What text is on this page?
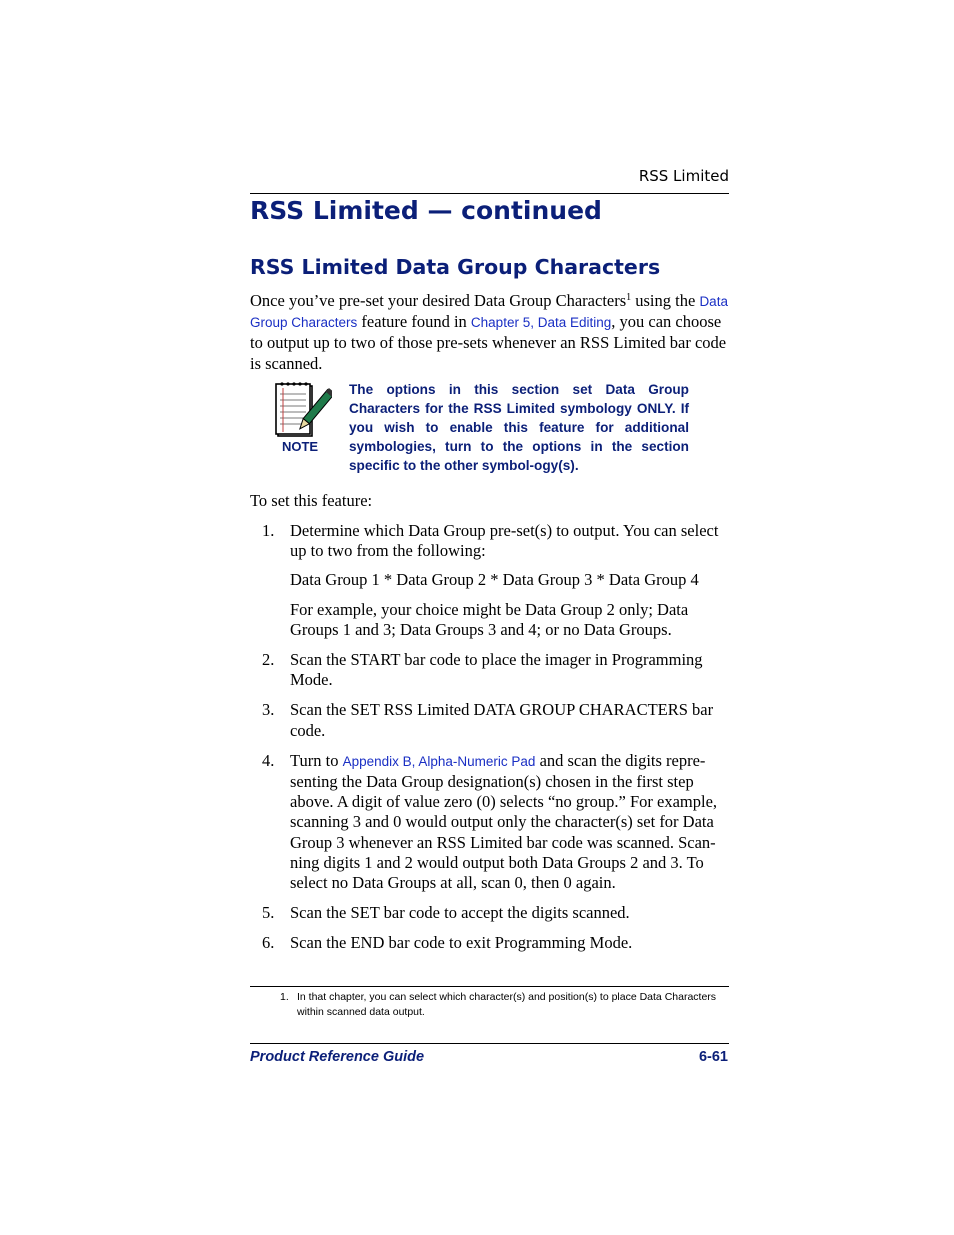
RSS Limited
RSS Limited — continued
RSS Limited Data Group Characters
Once you’ve pre-set your desired Data Group Characters$^1$ using the Data Group Characters feature found in Chapter 5, Data Editing, you can choose to output up to two of those pre-sets whenever an RSS Limited bar code is scanned.
NOTE
The options in this section set Data Group Characters for the RSS Limited symbology ONLY. If you wish to enable this feature for additional symbologies, turn to the options in the section specific to the other symbol-ogy(s).
To set this feature:
1. Determine which Data Group pre-set(s) to output. You can select up to two from the following:

Data Group 1 * Data Group 2 * Data Group 3 * Data Group 4

For example, your choice might be Data Group 2 only; Data Groups 1 and 3; Data Groups 3 and 4; or no Data Groups.

2. Scan the START bar code to place the imager in Programming Mode.

3. Scan the SET RSS Limited DATA GROUP CHARACTERS bar code.

4. Turn to Appendix B, Alpha-Numeric Pad and scan the digits repre-senting the Data Group designation(s) chosen in the first step above. A digit of value zero (0) selects “no group.” For example, scanning 3 and 0 would output only the character(s) set for Data Group 3 whenever an RSS Limited bar code was scanned. Scan-ning digits 1 and 2 would output both Data Groups 2 and 3. To select no Data Groups at all, scan 0, then 0 again.

5. Scan the SET bar code to accept the digits scanned.

6. Scan the END bar code to exit Programming Mode.

1. In that chapter, you can select which character(s) and position(s) to place Data Characters
within scanned data output.
Product Reference Guide	6-61
